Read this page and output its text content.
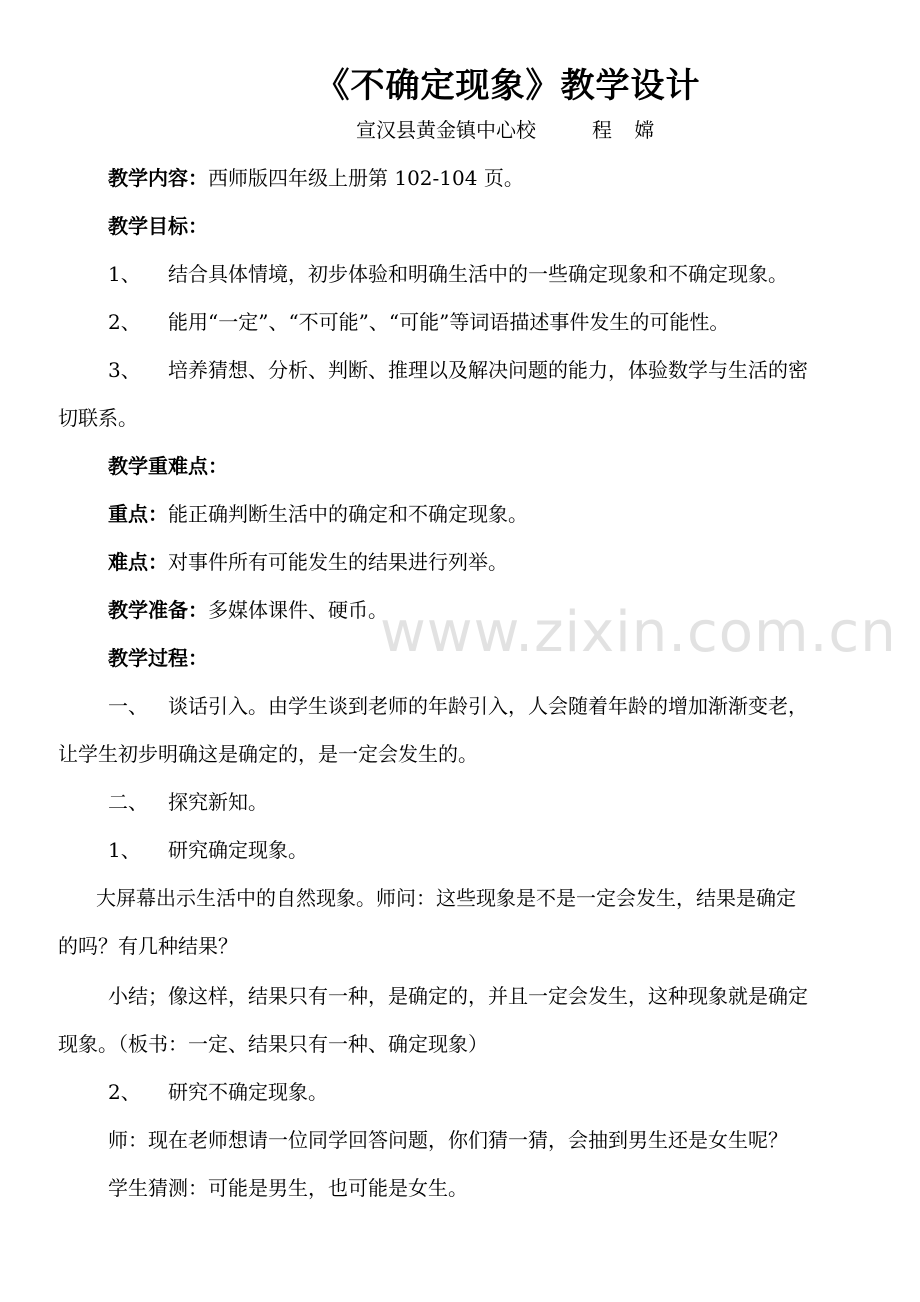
《不确定现象》教学设计
宣汉县黄金镇中心校	程 嫦
教学内容：西师版四年级上册第 102-104 页。
教学目标：
1、 结合具体情境，初步体验和明确生活中的一些确定现象和不确定现象。
2、 能用“一定”、“不可能”、“可能”等词语描述事件发生的可能性。
3、 培养猜想、分析、判断、推理以及解决问题的能力，体验数学与生活的密
切联系。
教学重难点：
重点：能正确判断生活中的确定和不确定现象。
难点：对事件所有可能发生的结果进行列举。
教学准备：多媒体课件、硬币。
教学过程：
一、 谈话引入。由学生谈到老师的年龄引入，人会随着年龄的增加渐渐变老，
让学生初步明确这是确定的，是一定会发生的。
二、 探究新知。
1、 研究确定现象。
大屏幕出示生活中的自然现象。师问：这些现象是不是一定会发生，结果是确定
的吗？有几种结果？
小结；像这样，结果只有一种，是确定的，并且一定会发生，这种现象就是确定
现象。（板书：一定、结果只有一种、确定现象）
2、 研究不确定现象。
师：现在老师想请一位同学回答问题，你们猜一猜，会抽到男生还是女生呢？
学生猜测：可能是男生，也可能是女生。
www.zixin.com.cn
